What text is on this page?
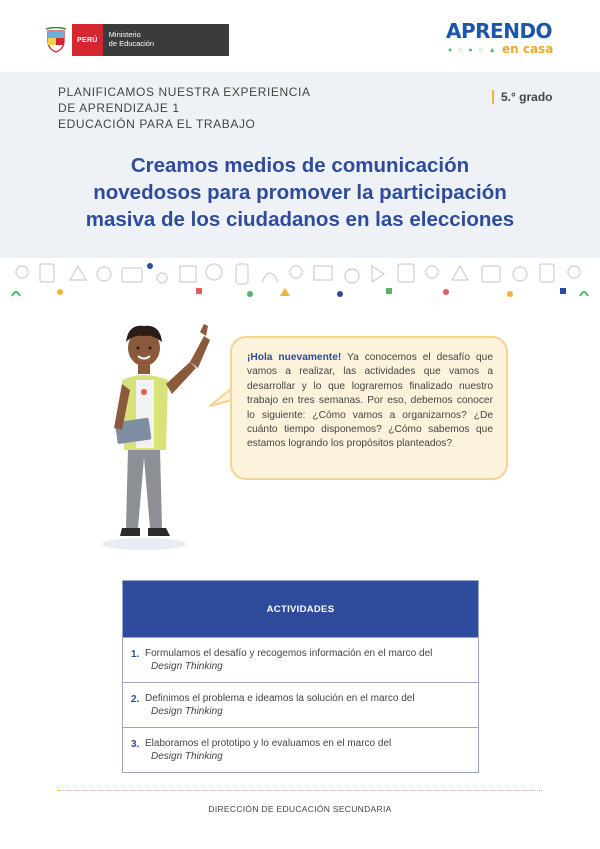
PERÚ
Ministerio
de Educación
APRENDO
● ○ ● ○ ▲ en casa
PLANIFICAMOS NUESTRA EXPERIENCIA
DE APRENDIZAJE 1
EDUCACIÓN PARA EL TRABAJO
5.° grado
Creamos medios de comunicación
novedosos para promover la participación
masiva de los ciudadanos en las elecciones

¡Hola nuevamente! Ya conocemos el desafío que vamos a realizar, las actividades que vamos a desarrollar y lo que lograremos finalizado nuestro trabajo en tres semanas. Por eso, debemos conocer lo siguiente: ¿Cómo vamos a organizarnos? ¿De cuánto tiempo disponemos? ¿Cómo sabemos que estamos logrando los propósitos planteados?

ACTIVIDADES
1. Formulamos el desafío y recogemos información en el marco del
Design Thinking
2. Definimos el problema e ideamos la solución en el marco del
Design Thinking
3. Elaboramos el prototipo y lo evaluamos en el marco del
Design Thinking
DIRECCIÓN DE EDUCACIÓN SECUNDARIA
